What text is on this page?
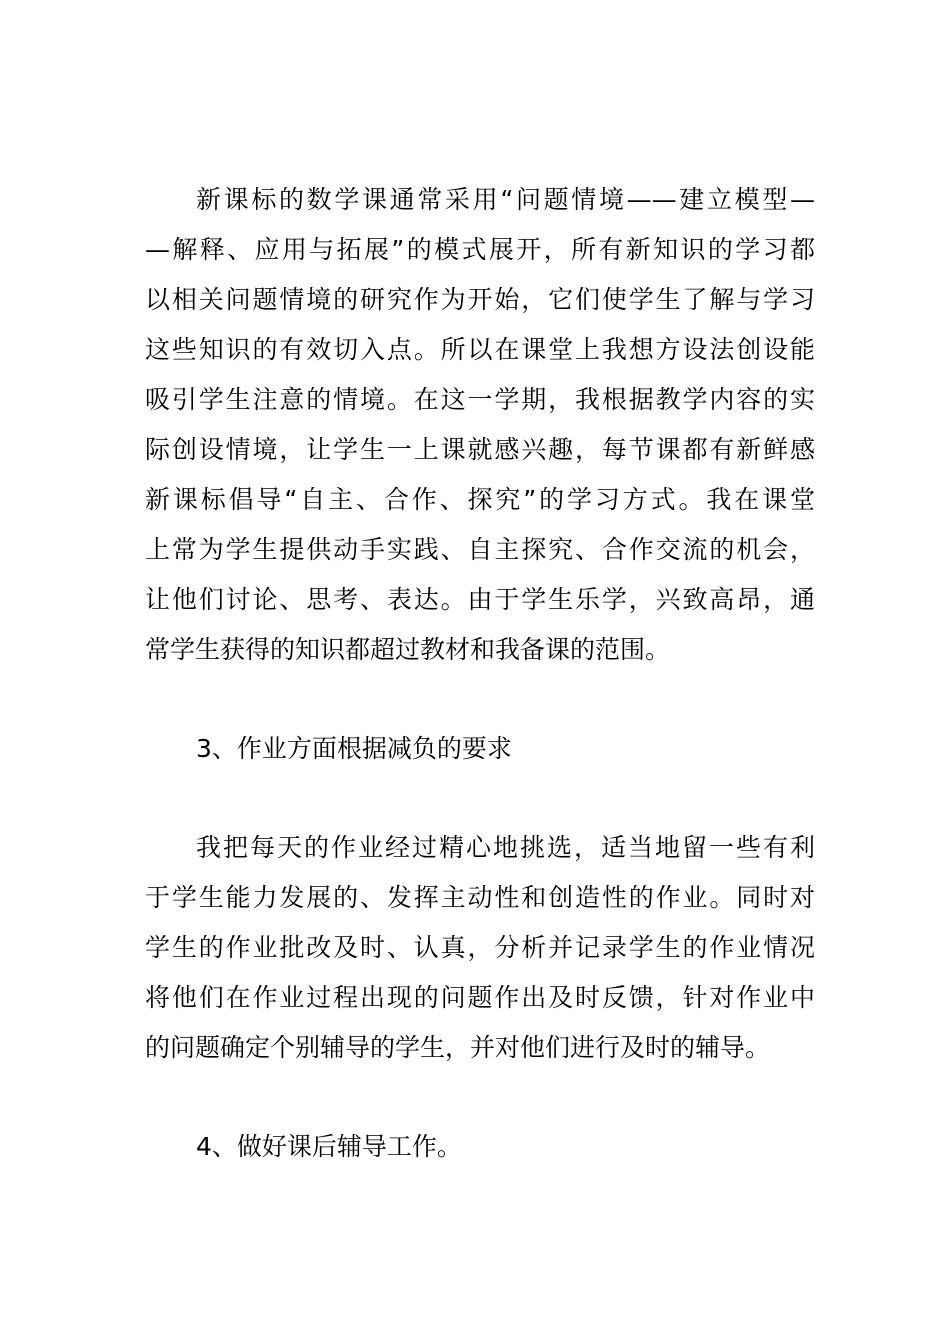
新课标的数学课通常采用“问题情境——建立模型—
—解释、应用与拓展”的模式展开，所有新知识的学习都
以相关问题情境的研究作为开始，它们使学生了解与学习
这些知识的有效切入点。所以在课堂上我想方设法创设能
吸引学生注意的情境。在这一学期，我根据教学内容的实
际创设情境，让学生一上课就感兴趣，每节课都有新鲜感
新课标倡导“自主、合作、探究”的学习方式。我在课堂
上常为学生提供动手实践、自主探究、合作交流的机会，
让他们讨论、思考、表达。由于学生乐学，兴致高昂，通
常学生获得的知识都超过教材和我备课的范围。
3、作业方面根据减负的要求
我把每天的作业经过精心地挑选，适当地留一些有利
于学生能力发展的、发挥主动性和创造性的作业。同时对
学生的作业批改及时、认真，分析并记录学生的作业情况
将他们在作业过程出现的问题作出及时反馈，针对作业中
的问题确定个别辅导的学生，并对他们进行及时的辅导。
4、做好课后辅导工作。
